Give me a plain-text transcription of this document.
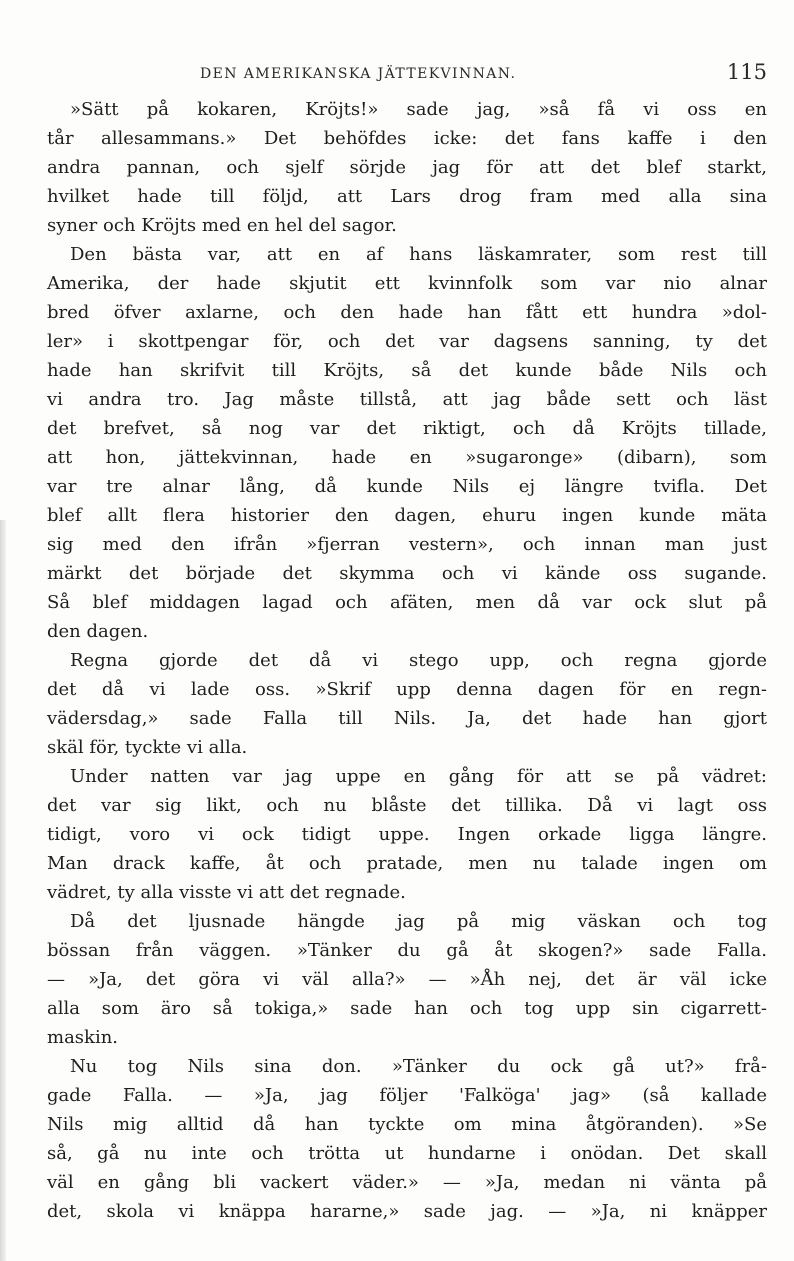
DEN AMERIKANSKA JÄTTEKVINNAN.	115
»Sätt på kokaren, Kröjts!» sade jag, »så få vi oss en
tår allesammans.» Det behöfdes icke: det fans kaffe i den
andra pannan, och sjelf sörjde jag för att det blef starkt,
hvilket hade till följd, att Lars drog fram med alla sina
syner och Kröjts med en hel del sagor.
Den bästa var, att en af hans läskamrater, som rest till
Amerika, der hade skjutit ett kvinnfolk som var nio alnar
bred öfver axlarne, och den hade han fått ett hundra »dol-
ler» i skottpengar för, och det var dagsens sanning, ty det
hade han skrifvit till Kröjts, så det kunde både Nils och
vi andra tro. Jag måste tillstå, att jag både sett och läst
det brefvet, så nog var det riktigt, och då Kröjts tillade,
att hon, jättekvinnan, hade en »sugaronge» (dibarn), som
var tre alnar lång, då kunde Nils ej längre tvifla. Det
blef allt flera historier den dagen, ehuru ingen kunde mäta
sig med den ifrån »fjerran vestern», och innan man just
märkt det började det skymma och vi kände oss sugande.
Så blef middagen lagad och afäten, men då var ock slut på
den dagen.
Regna gjorde det då vi stego upp, och regna gjorde
det då vi lade oss. »Skrif upp denna dagen för en regn-
vädersdag,» sade Falla till Nils. Ja, det hade han gjort
skäl för, tyckte vi alla.
Under natten var jag uppe en gång för att se på vädret:
det var sig likt, och nu blåste det tillika. Då vi lagt oss
tidigt, voro vi ock tidigt uppe. Ingen orkade ligga längre.
Man drack kaffe, åt och pratade, men nu talade ingen om
vädret, ty alla visste vi att det regnade.
Då det ljusnade hängde jag på mig väskan och tog
bössan från väggen. »Tänker du gå åt skogen?» sade Falla.
— »Ja, det göra vi väl alla?» — »Åh nej, det är väl icke
alla som äro så tokiga,» sade han och tog upp sin cigarrett-
maskin.
Nu tog Nils sina don. »Tänker du ock gå ut?» frå-
gade Falla. — »Ja, jag följer 'Falköga' jag» (så kallade
Nils mig alltid då han tyckte om mina åtgöranden). »Se
så, gå nu inte och trötta ut hundarne i onödan. Det skall
väl en gång bli vackert väder.» — »Ja, medan ni vänta på
det, skola vi knäppa hararne,» sade jag. — »Ja, ni knäpper
